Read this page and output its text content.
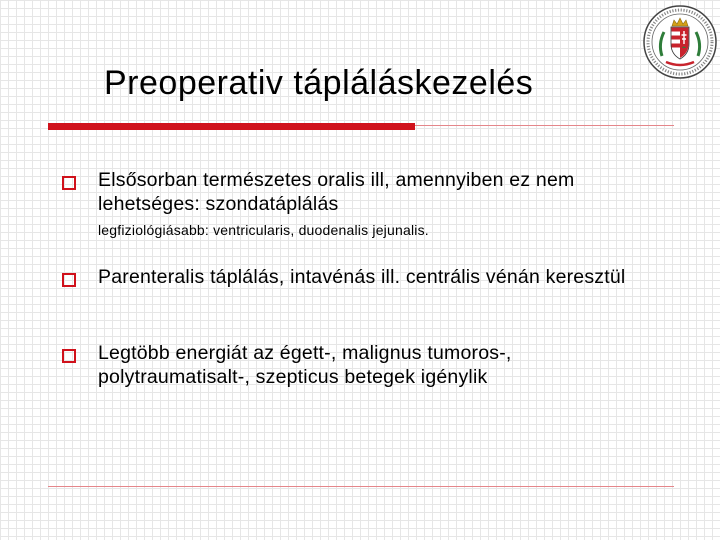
Preoperativ tápláláskezelés
Elsősorban természetes oralis ill, amennyiben ez nem lehetséges: szondatáplálás
legfiziológiásabb: ventricularis, duodenalis jejunalis.
Parenteralis táplálás, intavénás ill. centrális vénán keresztül
Legtöbb energiát az égett-, malignus tumoros-, polytraumatisalt-, szepticus betegek igénylik
